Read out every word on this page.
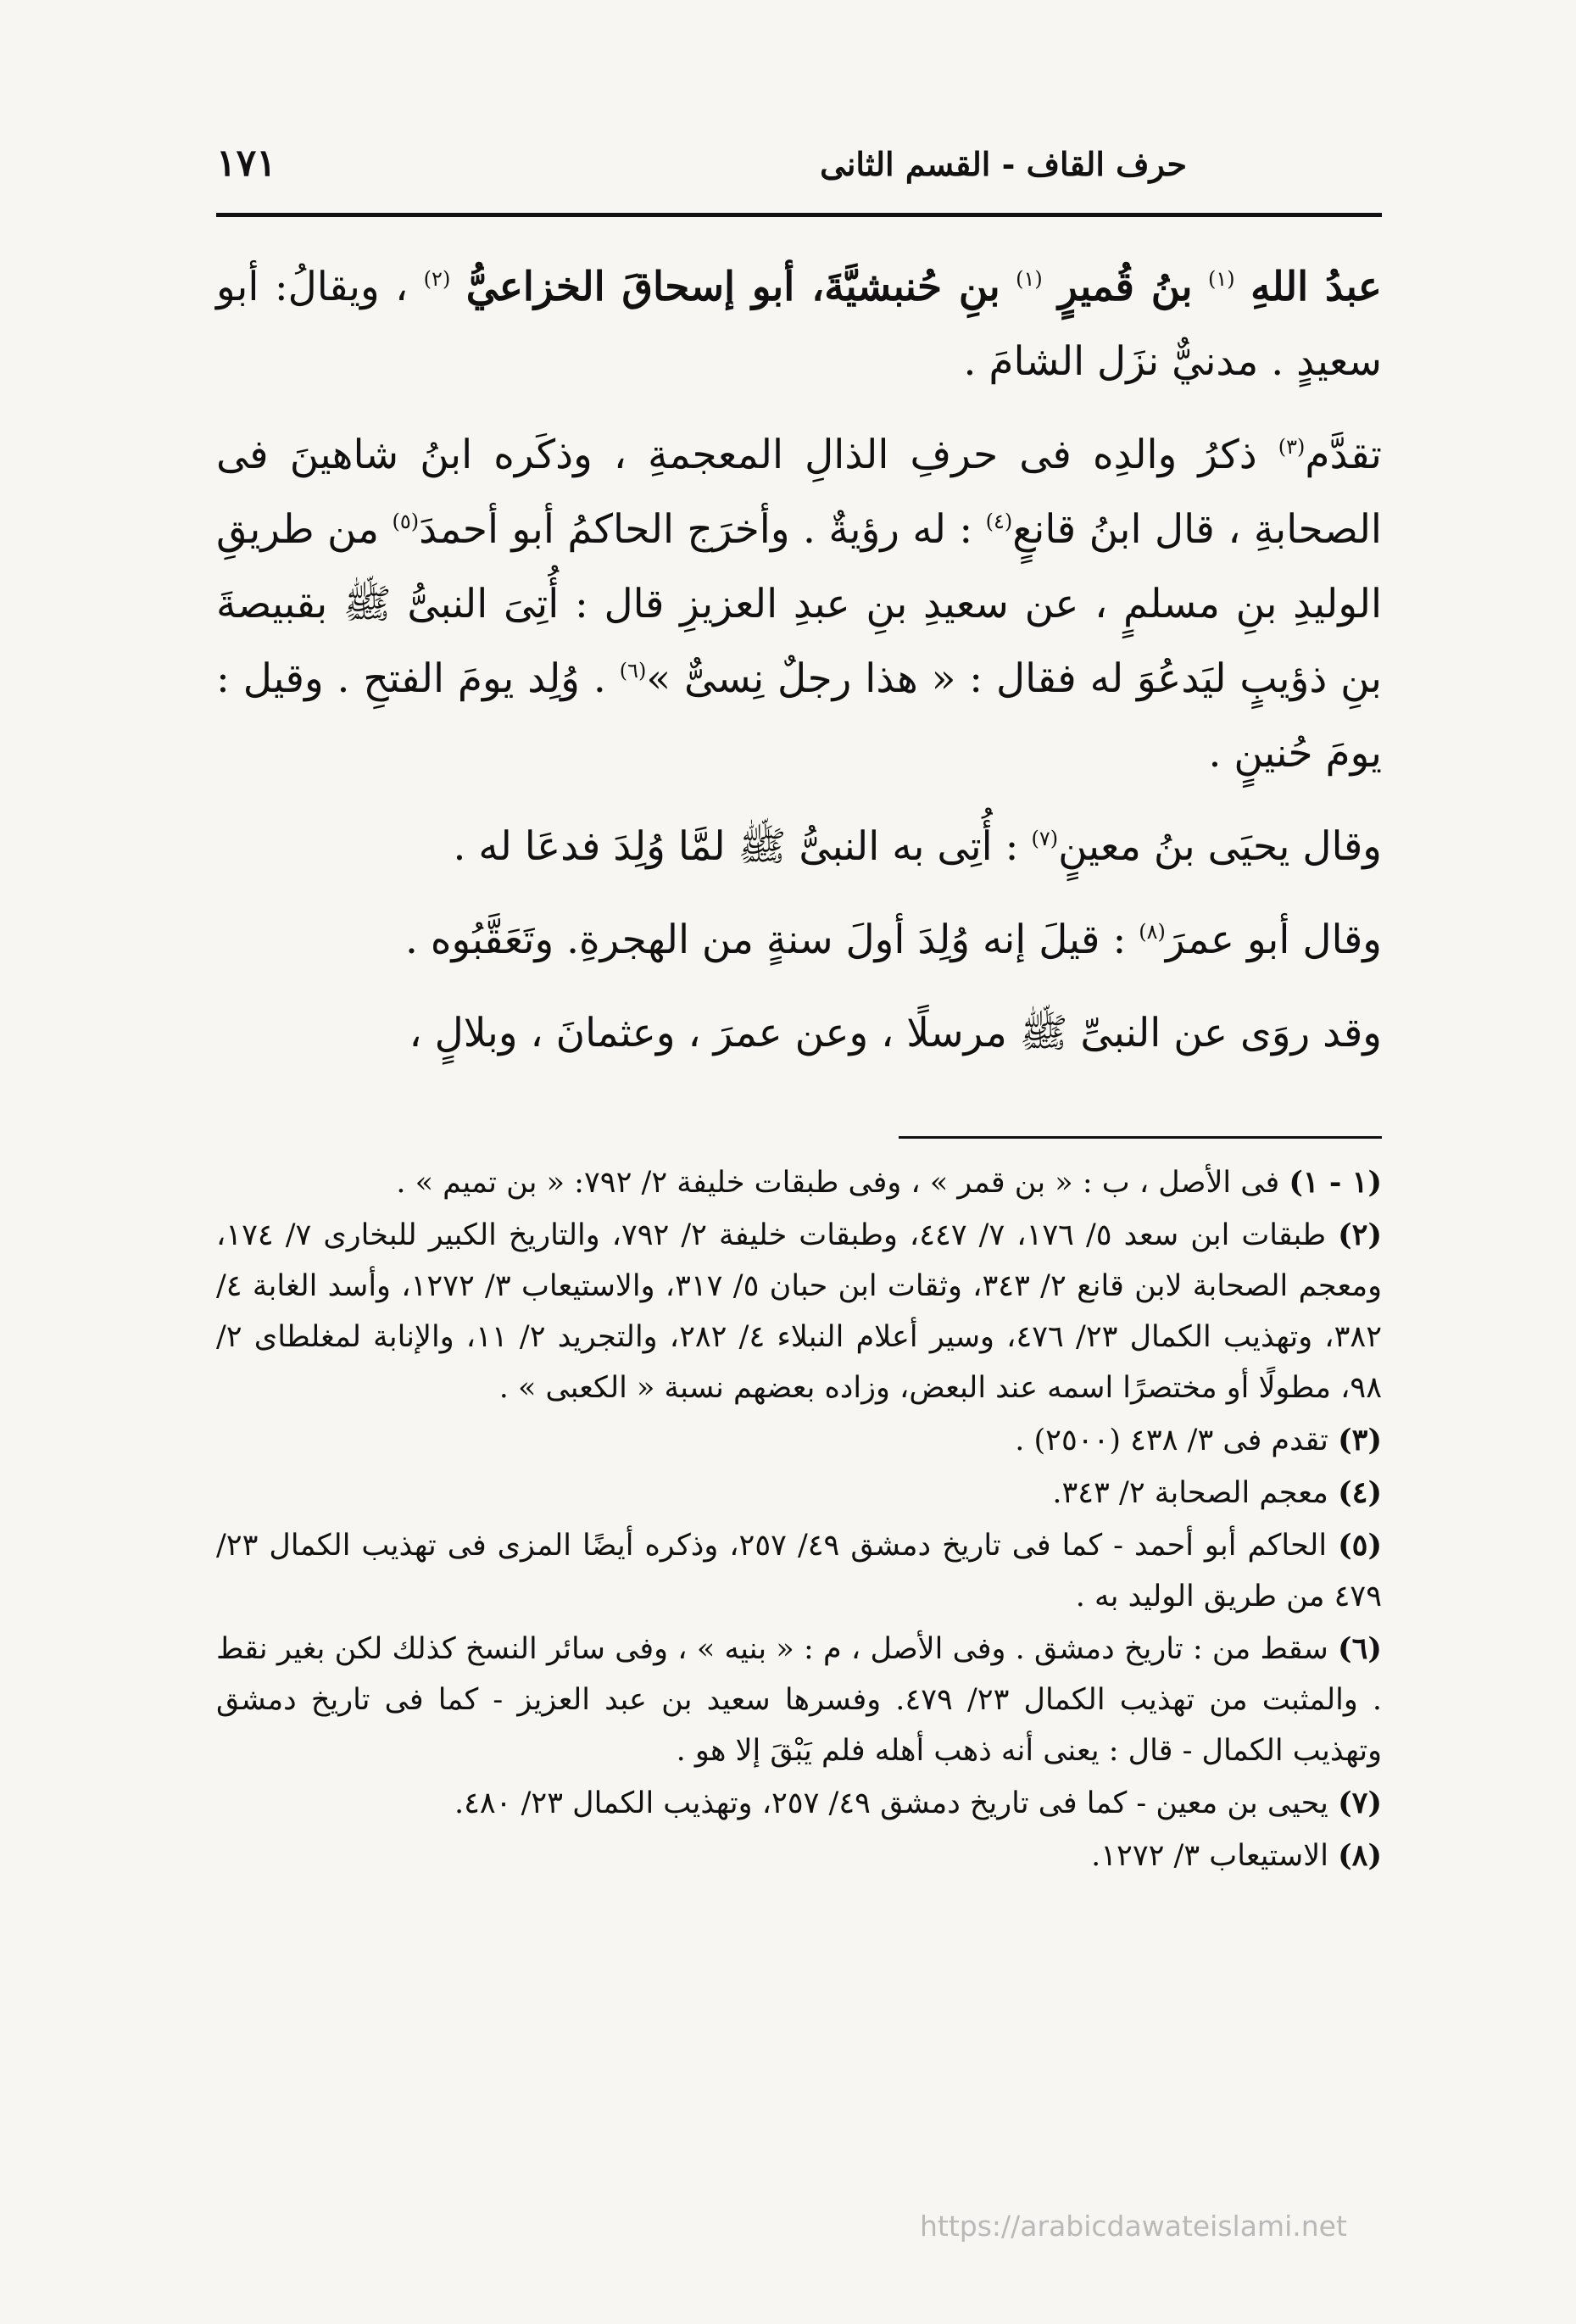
حرف القاف - القسم الثانى
١٧١

عبدُ اللهِ $^{(١)}$ بنُ قُميرٍ $^{(١)}$ بنِ حُنبشيَّةَ، أبو إسحاقَ الخزاعيُّ $^{(٢)}$ ، ويقالُ: أبو سعيدٍ . مدنيٌّ نزَل الشامَ .

تقدَّم$^{(٣)}$ ذكرُ والدِه فى حرفِ الذالِ المعجمةِ ، وذكَره ابنُ شاهينَ فى الصحابةِ ، قال ابنُ قانعٍ$^{(٤)}$ : له رؤيةٌ . وأخرَج الحاكمُ أبو أحمدَ$^{(٥)}$ من طريقِ الوليدِ بنِ مسلمٍ ، عن سعيدِ بنِ عبدِ العزيزِ قال : أُتِىَ النبىُّ ﷺ بقبيصةَ بنِ ذؤيبٍ ليَدعُوَ له فقال : « هذا رجلٌ نِسىٌّ »$^{(٦)}$ . وُلِد يومَ الفتحِ . وقيل : يومَ حُنينٍ .

وقال يحيَى بنُ معينٍ$^{(٧)}$ : أُتِى به النبىُّ ﷺ لمَّا وُلِدَ فدعَا له .

وقال أبو عمرَ$^{(٨)}$ : قيلَ إنه وُلِدَ أولَ سنةٍ من الهجرةِ. وتَعَقَّبُوه .

وقد روَى عن النبىِّ ﷺ مرسلًا ، وعن عمرَ ، وعثمانَ ، وبلالٍ ،

(١ - ١) فى الأصل ، ب : « بن قمر » ، وفى طبقات خليفة ٢/ ٧٩٢: « بن تميم » .
(٢) طبقات ابن سعد ٥/ ١٧٦، ٧/ ٤٤٧، وطبقات خليفة ٢/ ٧٩٢، والتاريخ الكبير للبخارى ٧/ ١٧٤، ومعجم الصحابة لابن قانع ٢/ ٣٤٣، وثقات ابن حبان ٥/ ٣١٧، والاستيعاب ٣/ ١٢٧٢، وأسد الغابة ٤/ ٣٨٢، وتهذيب الكمال ٢٣/ ٤٧٦، وسير أعلام النبلاء ٤/ ٢٨٢، والتجريد ٢/ ١١، والإنابة لمغلطاى ٢/ ٩٨، مطولًا أو مختصرًا اسمه عند البعض، وزاده بعضهم نسبة « الكعبى » .
(٣) تقدم فى ٣/ ٤٣٨ (٢٥٠٠) .
(٤) معجم الصحابة ٢/ ٣٤٣.
(٥) الحاكم أبو أحمد - كما فى تاريخ دمشق ٤٩/ ٢٥٧، وذكره أيضًا المزى فى تهذيب الكمال ٢٣/ ٤٧٩ من طريق الوليد به .
(٦) سقط من : تاريخ دمشق . وفى الأصل ، م : « بنيه » ، وفى سائر النسخ كذلك لكن بغير نقط . والمثبت من تهذيب الكمال ٢٣/ ٤٧٩. وفسرها سعيد بن عبد العزيز - كما فى تاريخ دمشق وتهذيب الكمال - قال : يعنى أنه ذهب أهله فلم يَبْقَ إلا هو .
(٧) يحيى بن معين - كما فى تاريخ دمشق ٤٩/ ٢٥٧، وتهذيب الكمال ٢٣/ ٤٨٠.
(٨) الاستيعاب ٣/ ١٢٧٢.
https://arabicdawateislami.net
